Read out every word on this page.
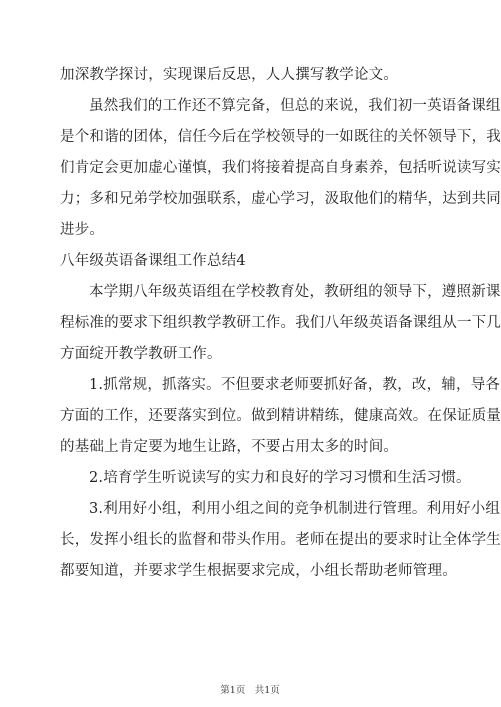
加深教学探讨，实现课后反思，人人撰写教学论文。
虽然我们的工作还不算完备，但总的来说，我们初一英语备课组
是个和谐的团体，信任今后在学校领导的一如既往的关怀领导下，我
们肯定会更加虚心谨慎，我们将接着提高自身素养，包括听说读写实
力；多和兄弟学校加强联系，虚心学习，汲取他们的精华，达到共同
进步。
八年级英语备课组工作总结4
本学期八年级英语组在学校教育处，教研组的领导下，遵照新课
程标准的要求下组织教学教研工作。我们八年级英语备课组从一下几
方面绽开教学教研工作。
1.抓常规，抓落实。不但要求老师要抓好备，教，改，辅，导各
方面的工作，还要落实到位。做到精讲精练，健康高效。在保证质量
的基础上肯定要为地生让路，不要占用太多的时间。
2.培育学生听说读写的实力和良好的学习习惯和生活习惯。
3.利用好小组，利用小组之间的竞争机制进行管理。利用好小组
长，发挥小组长的监督和带头作用。老师在提出的要求时让全体学生
都要知道，并要求学生根据要求完成，小组长帮助老师管理。
第1页　共1页
